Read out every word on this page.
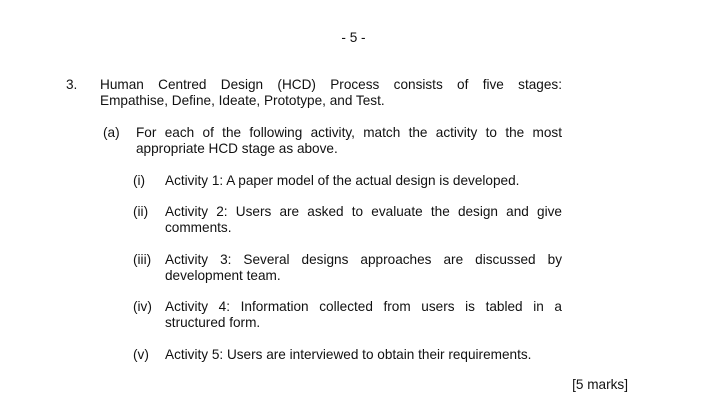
- 5 -
3. Human Centred Design (HCD) Process consists of five stages:
Empathise, Define, Ideate, Prototype, and Test.
(a) For each of the following activity, match the activity to the most
appropriate HCD stage as above.
(i) Activity 1: A paper model of the actual design is developed.
(ii) Activity 2: Users are asked to evaluate the design and give
comments.
(iii) Activity 3: Several designs approaches are discussed by
development team.
(iv) Activity 4: Information collected from users is tabled in a
structured form.
(v) Activity 5: Users are interviewed to obtain their requirements.
[5 marks]
